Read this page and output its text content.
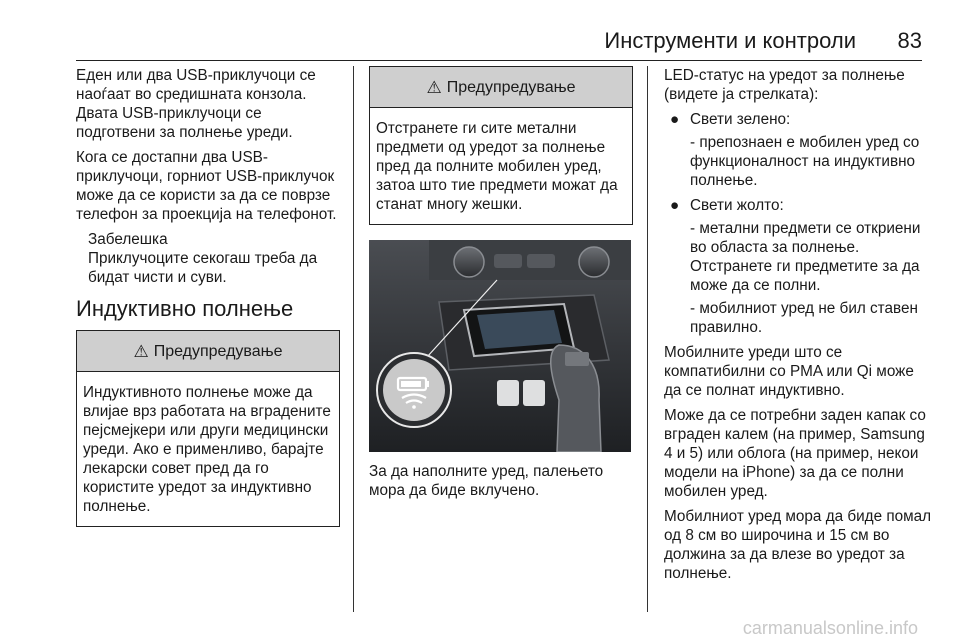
Инструменти и контроли 83

Еден или два USB-приклучоци се наоѓаат во средишната конзола. Двата USB-приклучоци се подготвени за полнење уреди.

Кога се достапни два USB-приклучоци, горниот USB-приклучок може да се користи за да се поврзе телефон за проекција на телефонот.

Забелешка
Приклучоците секогаш треба да бидат чисти и суви.
Индуктивно полнење
⚠ Предупредување
Индуктивното полнење може да влијае врз работата на вградените пејсмејкери или други медицински уреди. Ако е применливо, барајте лекарски совет пред да го користите уредот за индуктивно полнење.
⚠ Предупредување
Отстранете ги сите метални предмети од уредот за полнење пред да полните мобилен уред, затоа што тие предмети можат да станат многу жешки.

За да наполните уред, палењето мора да биде вклучено.

LED-статус на уредот за полнење (видете ја стрелката):

● Свети зелено:
- препознаен е мобилен уред со функционалност на индуктивно полнење.
● Свети жолто:
- метални предмети се откриени во областа за полнење. Отстранете ги предметите за да може да се полни.
- мобилниот уред не бил ставен правилно.

Мобилните уреди што се компатибилни со PMA или Qi може да се полнат индуктивно.

Може да се потребни заден капак со вграден калем (на пример, Samsung 4 и 5) или облога (на пример, некои модели на iPhone) за да се полни мобилен уред.

Мобилниот уред мора да биде помал од 8 см во широчина и 15 см во должина за да влезе во уредот за полнење.

carmanualsonline.info
